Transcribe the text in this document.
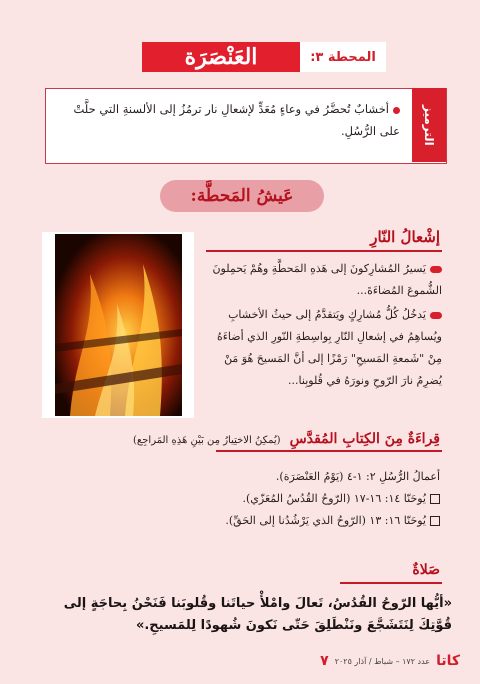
المحطة ٣:
العَنْصَرَة
الترميز
أخشابٌ تُحضَّرُ في وعاءٍ مُعَدٍّ لإشعالِ نار ترمُزُ إلى الألسنةِ التي حلَّتْ على الرُّسُلِ.
عَيشُ المَحطَّة:
إشْعالُ النّارِ
يَسيرُ المُشارِكونَ إلى هَذهِ المَحطَّةِ وهُمْ يَحمِلونَ الشُّموعَ المُضاءَةَ...
يَدخُلُ كُلُّ مُشارِكٍ ويَتقدَّمُ إلى حيثُ الأخشابِ ويُساهِمُ في إشعالِ النّارِ بِواسِطةِ النّورِ الذي أضاءَهُ مِنْ "شَمعةِ المَسيحِ" رَمْزًا إلى أنَّ المَسيحَ هُوَ مَنْ يُضرِمُ نارَ الرّوحِ ونورَهُ في قُلوبِنا...
قِراءَةٌ مِنَ الكِتابِ المُقدَّسِ (يُمكِنُ الاختِيارُ مِن بَيْنِ هَذِهِ المَراجِع)
أعمالُ الرُّسُلِ ٢: ١-٤ (يَوْمُ العَنْصَرَة).
يُوحَنّا ١٤: ١٦-١٧ (الرّوحُ القُدُسُ المُعَزّي).
يُوحَنّا ١٦: ١٣ (الرّوحُ الذي يَرْشُدُنا إلى الحَقِّ).
صَلاةٌ
«أيُّها الرّوحُ القُدُسُ، تَعالَ وامْلأْ حياتَنا وقُلوبَنا فَنَحْنُ بِحاجَةٍ إلى قُوَّتِكَ لِنَتَشَجَّعَ ونَنْطَلِقَ حَتّى نَكونَ شُهودًا لِلمَسيحِ.»
كاتا
عدد ١٧٢ – شباط / آذار ٢٠٢٥
٧
